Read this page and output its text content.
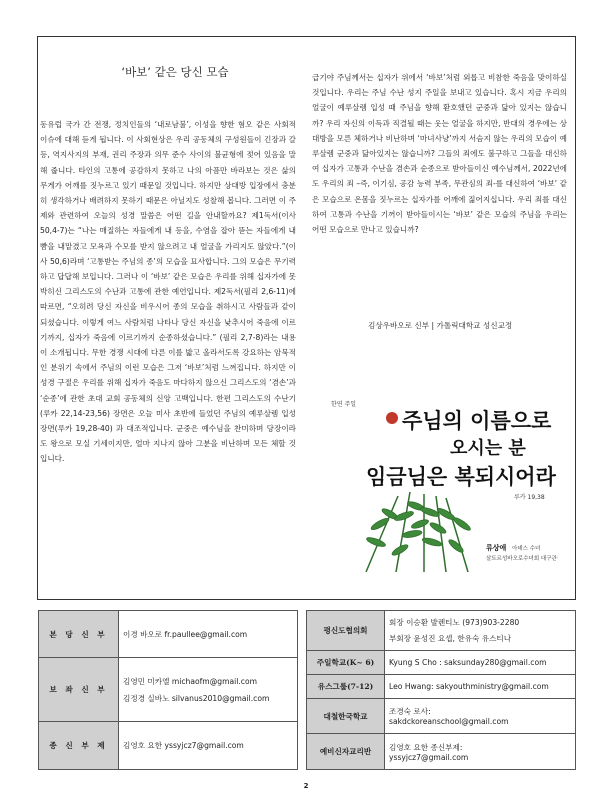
‘바보’ 같은 당신 모습
동유럽 국가 간 전쟁, 정치인들의 ‘내로남불’, 이성을 향한 혐오 같은 사회적 이슈에 대해 듣게 됩니다. 이 사회현상은 우리 공동체의 구성원들이 긴장과 갈등, 역지사지의 부재, 권리 주장과 의무 준수 사이의 불균형에 젖어 있음을 말해 줍니다. 타인의 고통에 공감하지 못하고 나의 아픔만 바라보는 것은 삶의 무게가 어깨를 짓누르고 있기 때문일 것입니다. 하지만 상대방 입장에서 충분히 생각하거나 배려하지 못하기 때문은 아닐지도 성찰해 봅니다. 그러면 이 주제와 관련하여 오늘의 성경 말씀은 어떤 길을 안내할까요? 제1독서(이사 50,4-7)는 “나는 매질하는 자들에게 내 등을, 수염을 잡아 뜯는 자들에게 내 뺨을 내맡겼고 모욕과 수모를 받지 않으려고 내 얼굴을 가리지도 않았다.”(이사 50,6)라며 ‘고통받는 주님의 종’의 모습을 묘사합니다. 그의 모습은 무기력하고 답답해 보입니다. 그러나 이 ‘바보’ 같은 모습은 우리를 위해 십자가에 못 박히신 그리스도의 수난과 고통에 관한 예언입니다. 제2독서(필리 2,6-11)에 따르면, “오히려 당신 자신을 비우시어 종의 모습을 취하시고 사람들과 같이 되셨습니다. 이렇게 여느 사람처럼 나타나 당신 자신을 낮추시어 죽음에 이르기까지, 십자가 죽음에 이르기까지 순종하셨습니다.” (필리 2,7-8)라는 내용이 소개됩니다. 무한 경쟁 시대에 다른 이를 밟고 올라서도록 강요하는 암묵적인 분위기 속에서 주님의 이런 모습은 그저 ‘바보’처럼 느껴집니다. 하지만 이 성경 구절은 우리를 위해 십자가 죽음도 마다하지 않으신 그리스도의 ‘겸손’과 ‘순종’에 관한 초대 교회 공동체의 신앙 고백입니다. 한편 그리스도의 수난기(루카 22,14-23,56) 장면은 오늘 미사 초반에 들었던 주님의 예루살렘 입성 장면(루카 19,28-40) 과 대조적입니다. 군중은 예수님을 찬미하며 당장이라도 왕으로 모실 기세이지만, 얼마 지나지 않아 그분을 비난하며 모든 체할 것입니다.
급기야 주님께서는 십자가 위에서 ‘바보’처럼 외롭고 비참한 죽음을 맞이하실 것입니다. 우리는 주님 수난 성지 주일을 보내고 있습니다. 혹시 지금 우리의 얼굴이 예루살렘 입성 때 주님을 향해 환호했던 군중과 닮아 있지는 않습니까? 우리 자신의 이득과 직결될 때는 웃는 얼굴을 하지만, 반대의 경우에는 상대방을 모른 체하거나 비난하며 ‘마녀사냥’까지 서슴지 않는 우리의 모습이 예루살렘 군중과 닮아있지는 않습니까? 그들의 죄에도 불구하고 그들을 대신하여 십자가 고통과 수난을 겸손과 순종으로 받아들이신 예수님께서, 2022년에도 우리의 죄 –즉, 이기심, 공감 능력 부족, 무관심의 죄-를 대신하여 ‘바보’ 같은 모습으로 온몸을 짓누르는 십자가를 어깨에 짊어지십니다. 우리 죄를 대신하여 고통과 수난을 기꺼이 받아들이시는 ‘바보’ 같은 모습의 주님을 우리는 어떤 모습으로 만나고 있습니까?
김상우바오로 신부 | 가톨릭대학교 성신교정
한연 주일
주님의 이름으로
오시는 분
임금님은 복되시어라
루카 19,38
류상애 아녜스 수녀
살트르성바오로수녀회 대구관구
본 당 신 부	이경 바오로 fr.paullee@gmail.com
보 좌 신 부	김영민 미카엘 michaofm@gmail.com
김정경 실바노 silvanus2010@gmail.com

종 신 부 제	김영호 요한 yssyjcz7@gmail.com
평신도협의회	회장 이승환 발렌티노 (973)903-2280
부회장 윤성진 요셉, 한유숙 유스티나

주일학교(K~ 6)	Kyung S Cho : saksunday280@gmail.com
유스그룹(7-12)	Leo Hwang: sakyouthministry@gmail.com
대철한국학교	조경숙 로사:
sakdckoreanschool@gmail.com

예비신자교리반	김영호 요한 종신부제:
yssyjcz7@gmail.com
2
